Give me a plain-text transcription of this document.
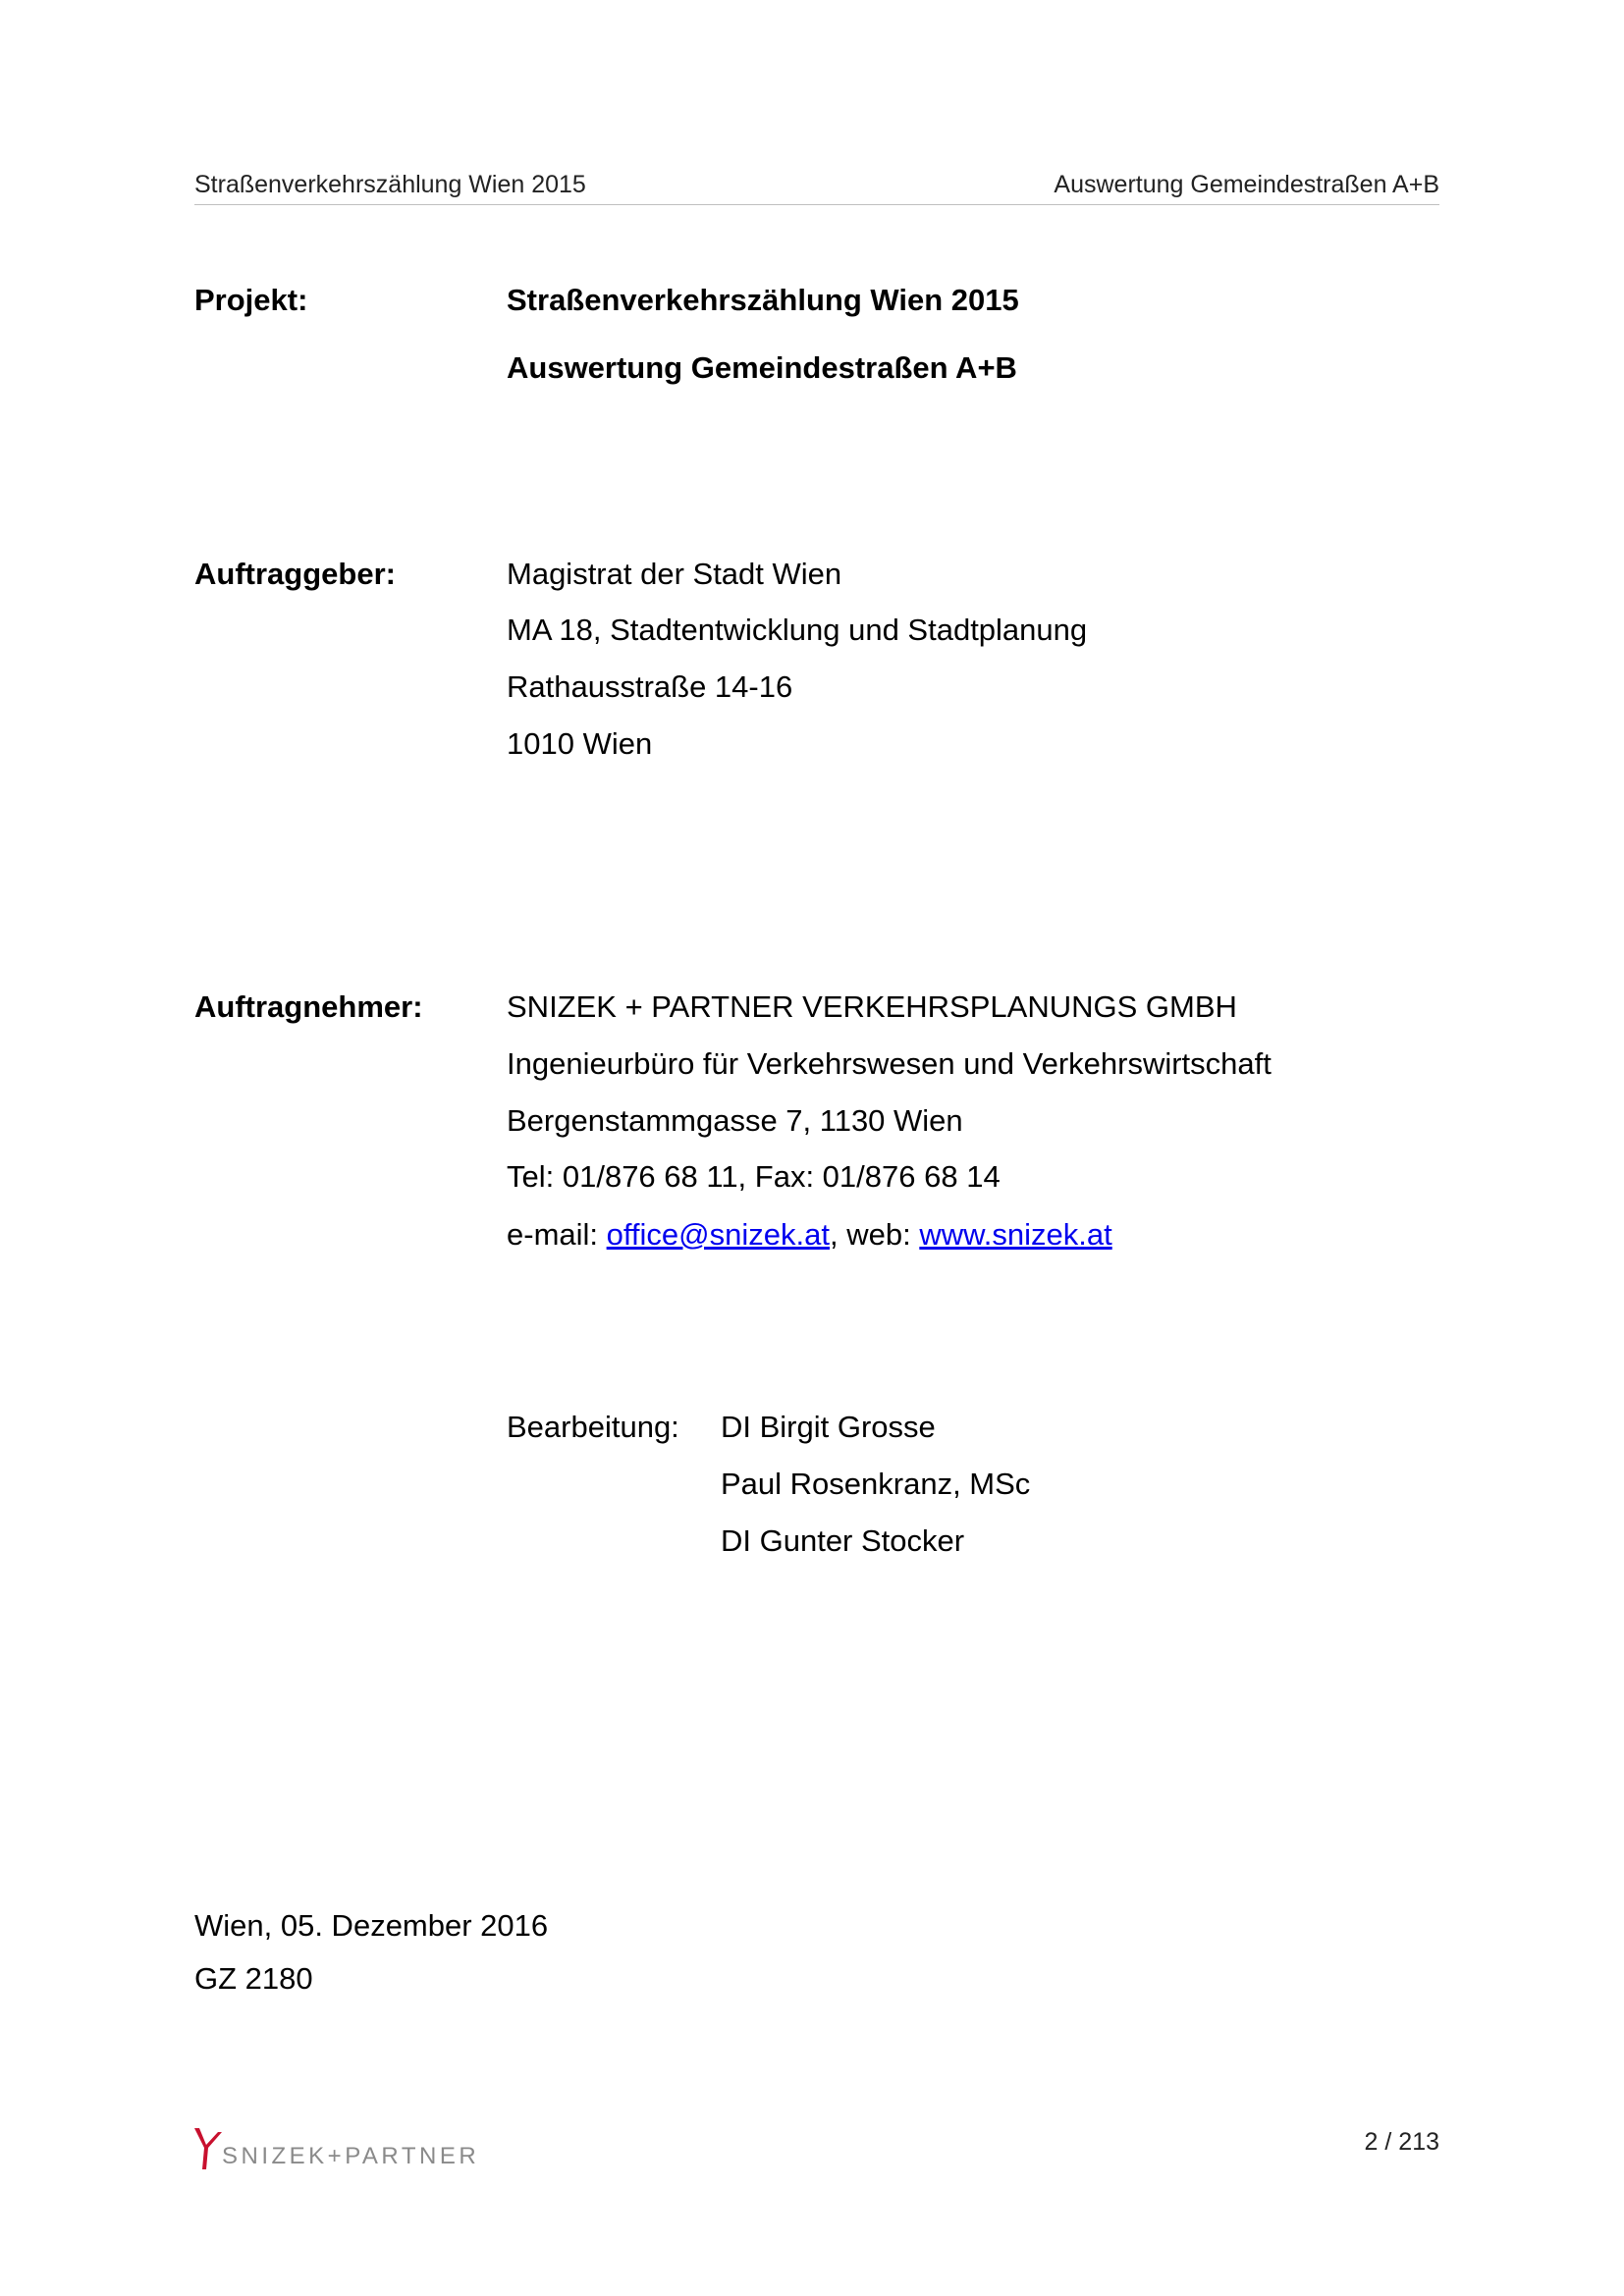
Straßenverkehrszählung Wien 2015	Auswertung Gemeindestraßen A+B
Projekt:	Straßenverkehrszählung Wien 2015
Auswertung Gemeindestraßen A+B
Auftraggeber:	Magistrat der Stadt Wien
MA 18, Stadtentwicklung und Stadtplanung
Rathausstraße 14-16
1010 Wien
Auftragnehmer:	SNIZEK + PARTNER VERKEHRSPLANUNGS GMBH
Ingenieurbüro für Verkehrswesen und Verkehrswirtschaft
Bergenstammgasse 7, 1130 Wien
Tel: 01/876 68 11, Fax: 01/876 68 14
e-mail: office@snizek.at, web: www.snizek.at
Bearbeitung: DI Birgit Grosse
Paul Rosenkranz, MSc
DI Gunter Stocker
Wien, 05. Dezember 2016
GZ 2180
SNIZEK+PARTNER
2 / 213
